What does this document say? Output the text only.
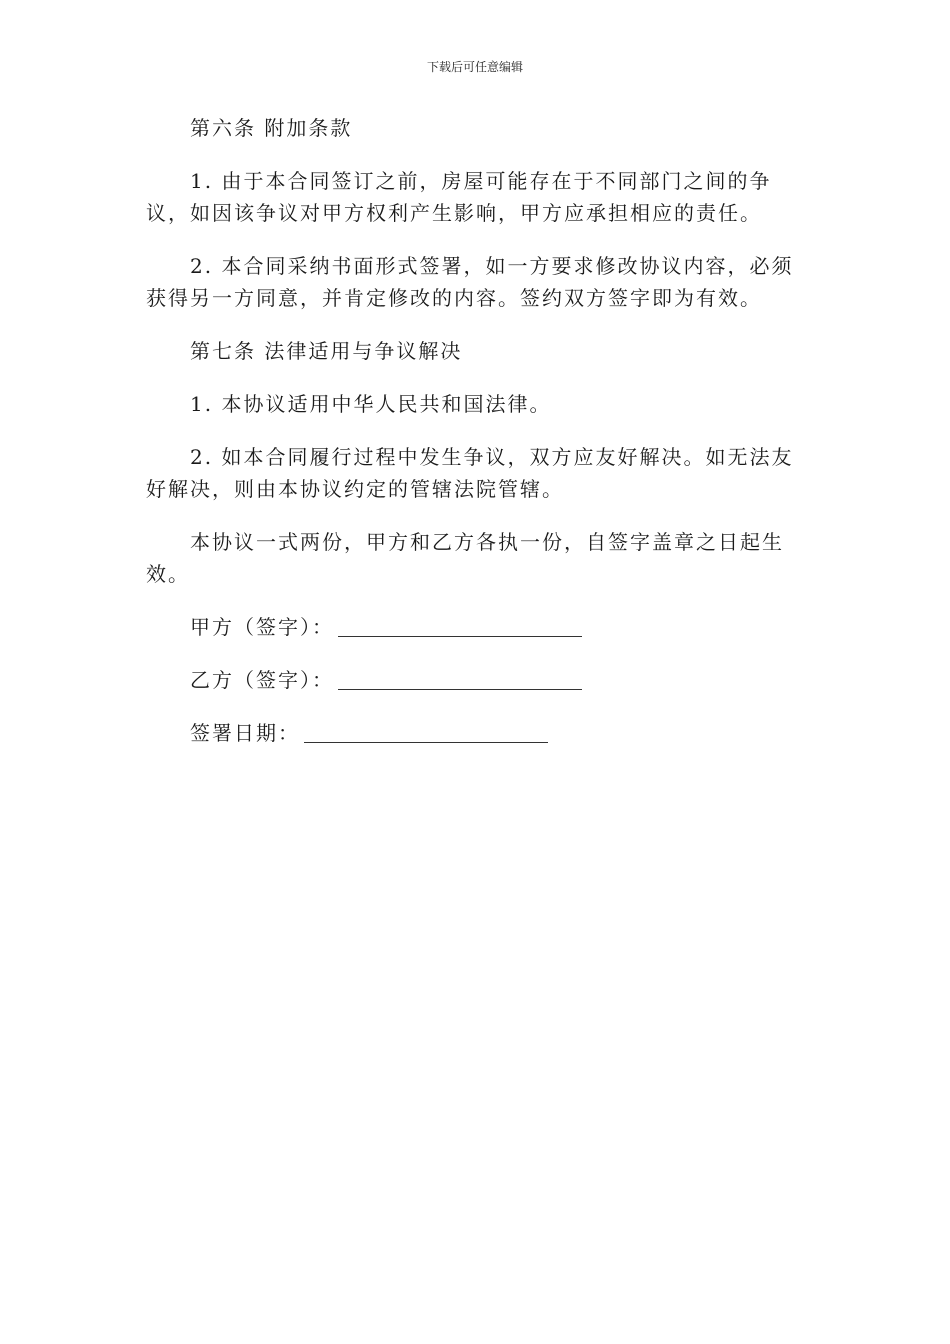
下载后可任意编辑

第六条 附加条款

1. 由于本合同签订之前，房屋可能存在于不同部门之间的争议，如因该争议对甲方权利产生影响，甲方应承担相应的责任。

2. 本合同采纳书面形式签署，如一方要求修改协议内容，必须获得另一方同意，并肯定修改的内容。签约双方签字即为有效。

第七条 法律适用与争议解决

1. 本协议适用中华人民共和国法律。

2. 如本合同履行过程中发生争议，双方应友好解决。如无法友好解决，则由本协议约定的管辖法院管辖。

本协议一式两份，甲方和乙方各执一份，自签字盖章之日起生效。

甲方（签字）：
乙方（签字）：
签署日期：
